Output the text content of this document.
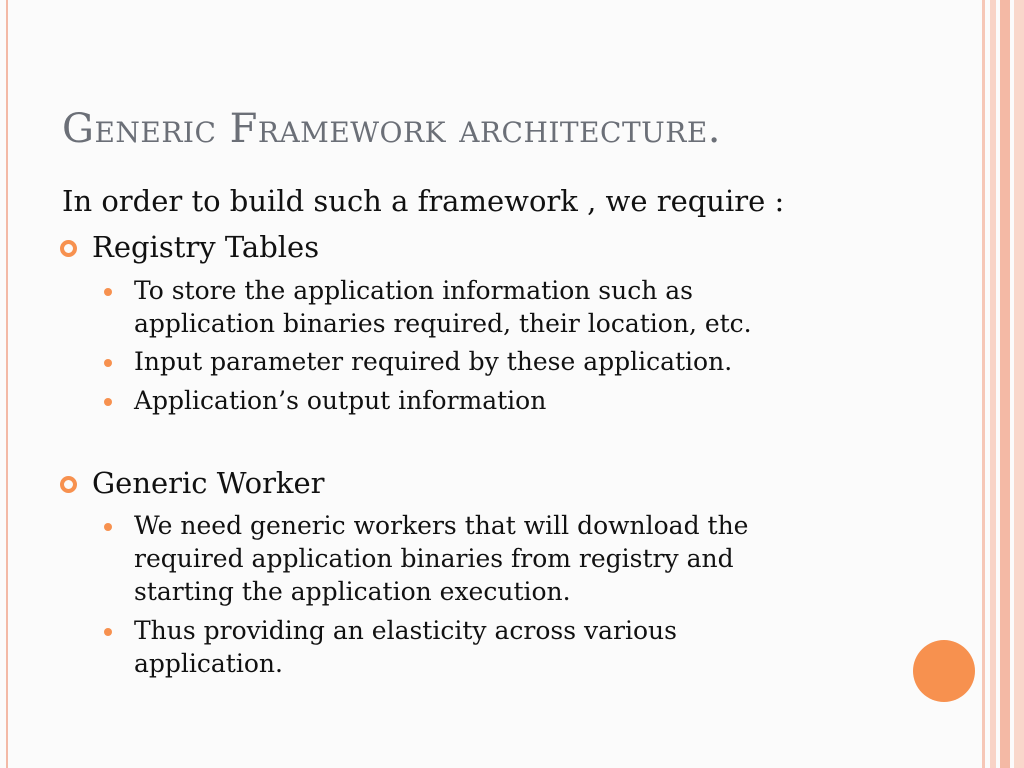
Generic Framework architecture.
In order to build such a framework , we require :
Registry Tables
To store the application information such as application binaries required, their location, etc.
Input parameter required by these application.
Application’s output information
Generic Worker
We need generic workers that will download the required application binaries from registry and starting the application execution.
Thus providing an elasticity across various application.
